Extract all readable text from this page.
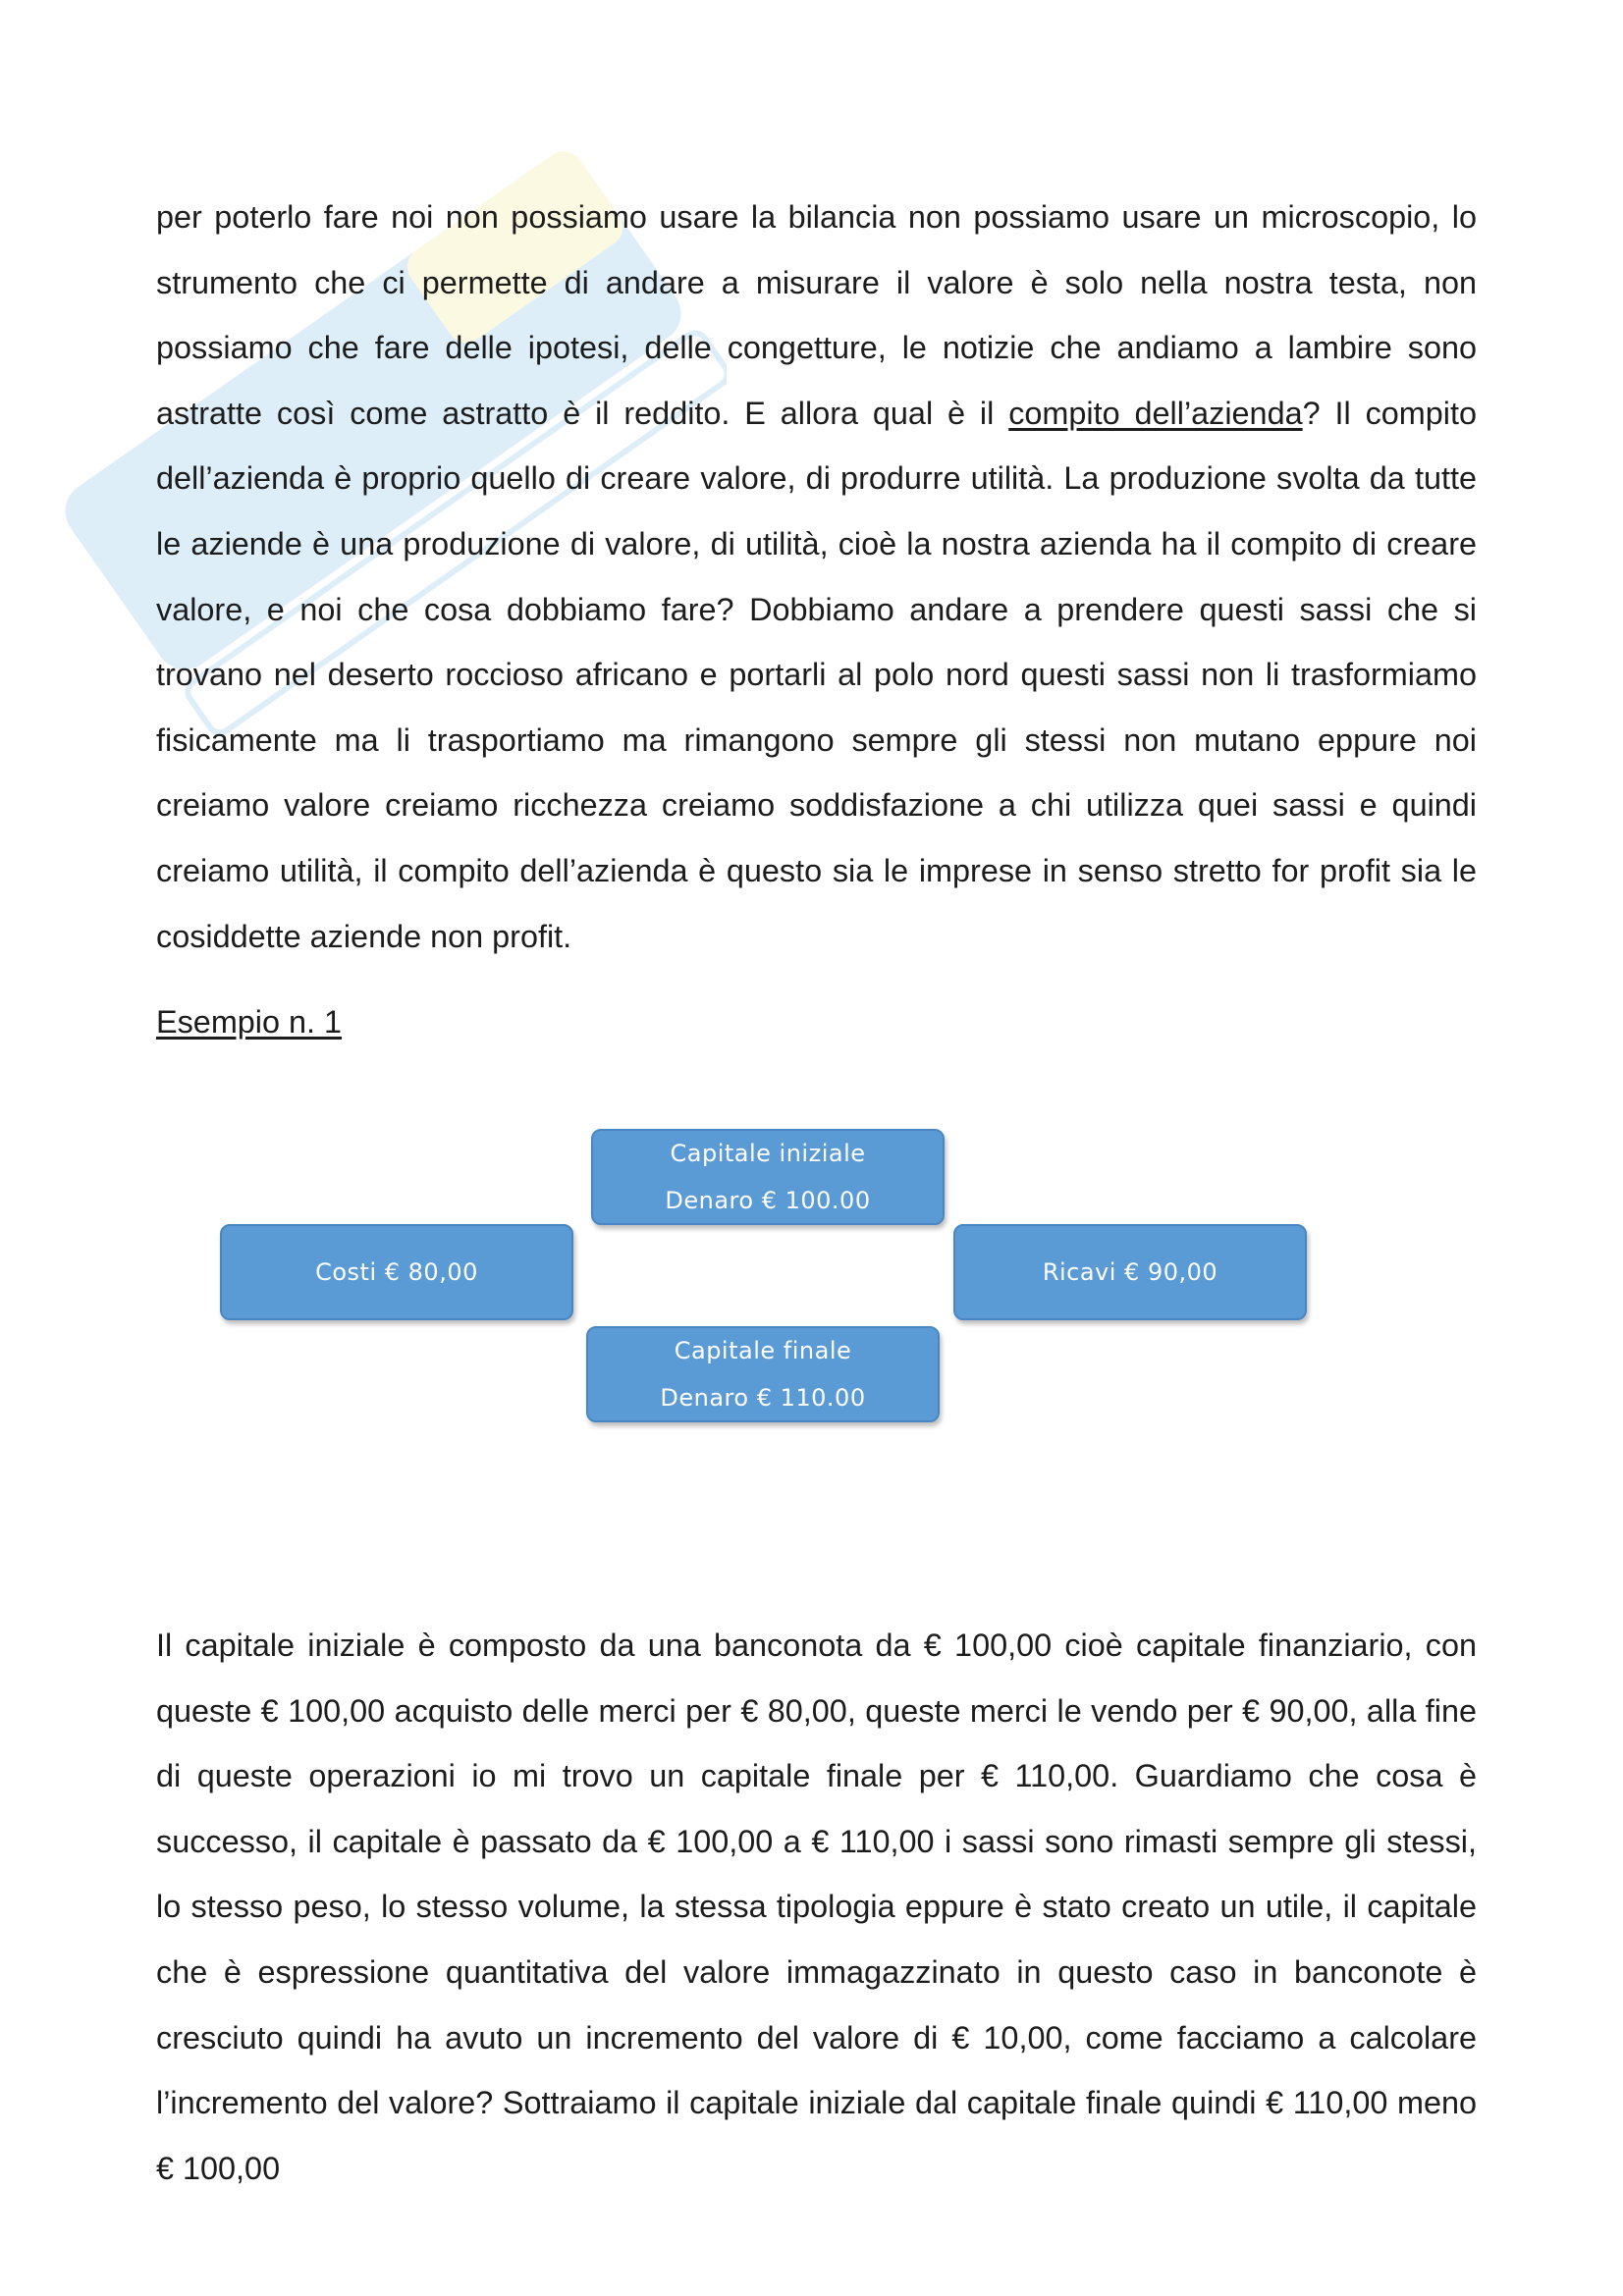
per poterlo fare noi non possiamo usare la bilancia non possiamo usare un microscopio, lo strumento che ci permette di andare a misurare il valore è solo nella nostra testa, non possiamo che fare delle ipotesi, delle congetture, le notizie che andiamo a lambire sono astratte così come astratto è il reddito. E allora qual è il compito dell’azienda? Il compito dell’azienda è proprio quello di creare valore, di produrre utilità. La produzione svolta da tutte le aziende è una produzione di valore, di utilità, cioè la nostra azienda ha il compito di creare valore, e noi che cosa dobbiamo fare? Dobbiamo andare a prendere questi sassi che si trovano nel deserto roccioso africano e portarli al polo nord questi sassi non li trasformiamo fisicamente ma li trasportiamo ma rimangono sempre gli stessi non mutano eppure noi creiamo valore creiamo ricchezza creiamo soddisfazione a chi utilizza quei sassi e quindi creiamo utilità, il compito dell’azienda è questo sia le imprese in senso stretto for profit sia le cosiddette aziende non profit.

Esempio n. 1

Capitale iniziale
Denaro € 100.00
Costi € 80,00	Ricavi € 90,00
Capitale finale
Denaro € 110.00

Il capitale iniziale è composto da una banconota da € 100,00 cioè capitale finanziario, con queste € 100,00 acquisto delle merci per € 80,00, queste merci le vendo per € 90,00, alla fine di queste operazioni io mi trovo un capitale finale per € 110,00. Guardiamo che cosa è successo, il capitale è passato da € 100,00 a € 110,00 i sassi sono rimasti sempre gli stessi, lo stesso peso, lo stesso volume, la stessa tipologia eppure è stato creato un utile, il capitale che è espressione quantitativa del valore immagazzinato in questo caso in banconote è cresciuto quindi ha avuto un incremento del valore di € 10,00, come facciamo a calcolare l’incremento del valore? Sottraiamo il capitale iniziale dal capitale finale quindi € 110,00 meno € 100,00
